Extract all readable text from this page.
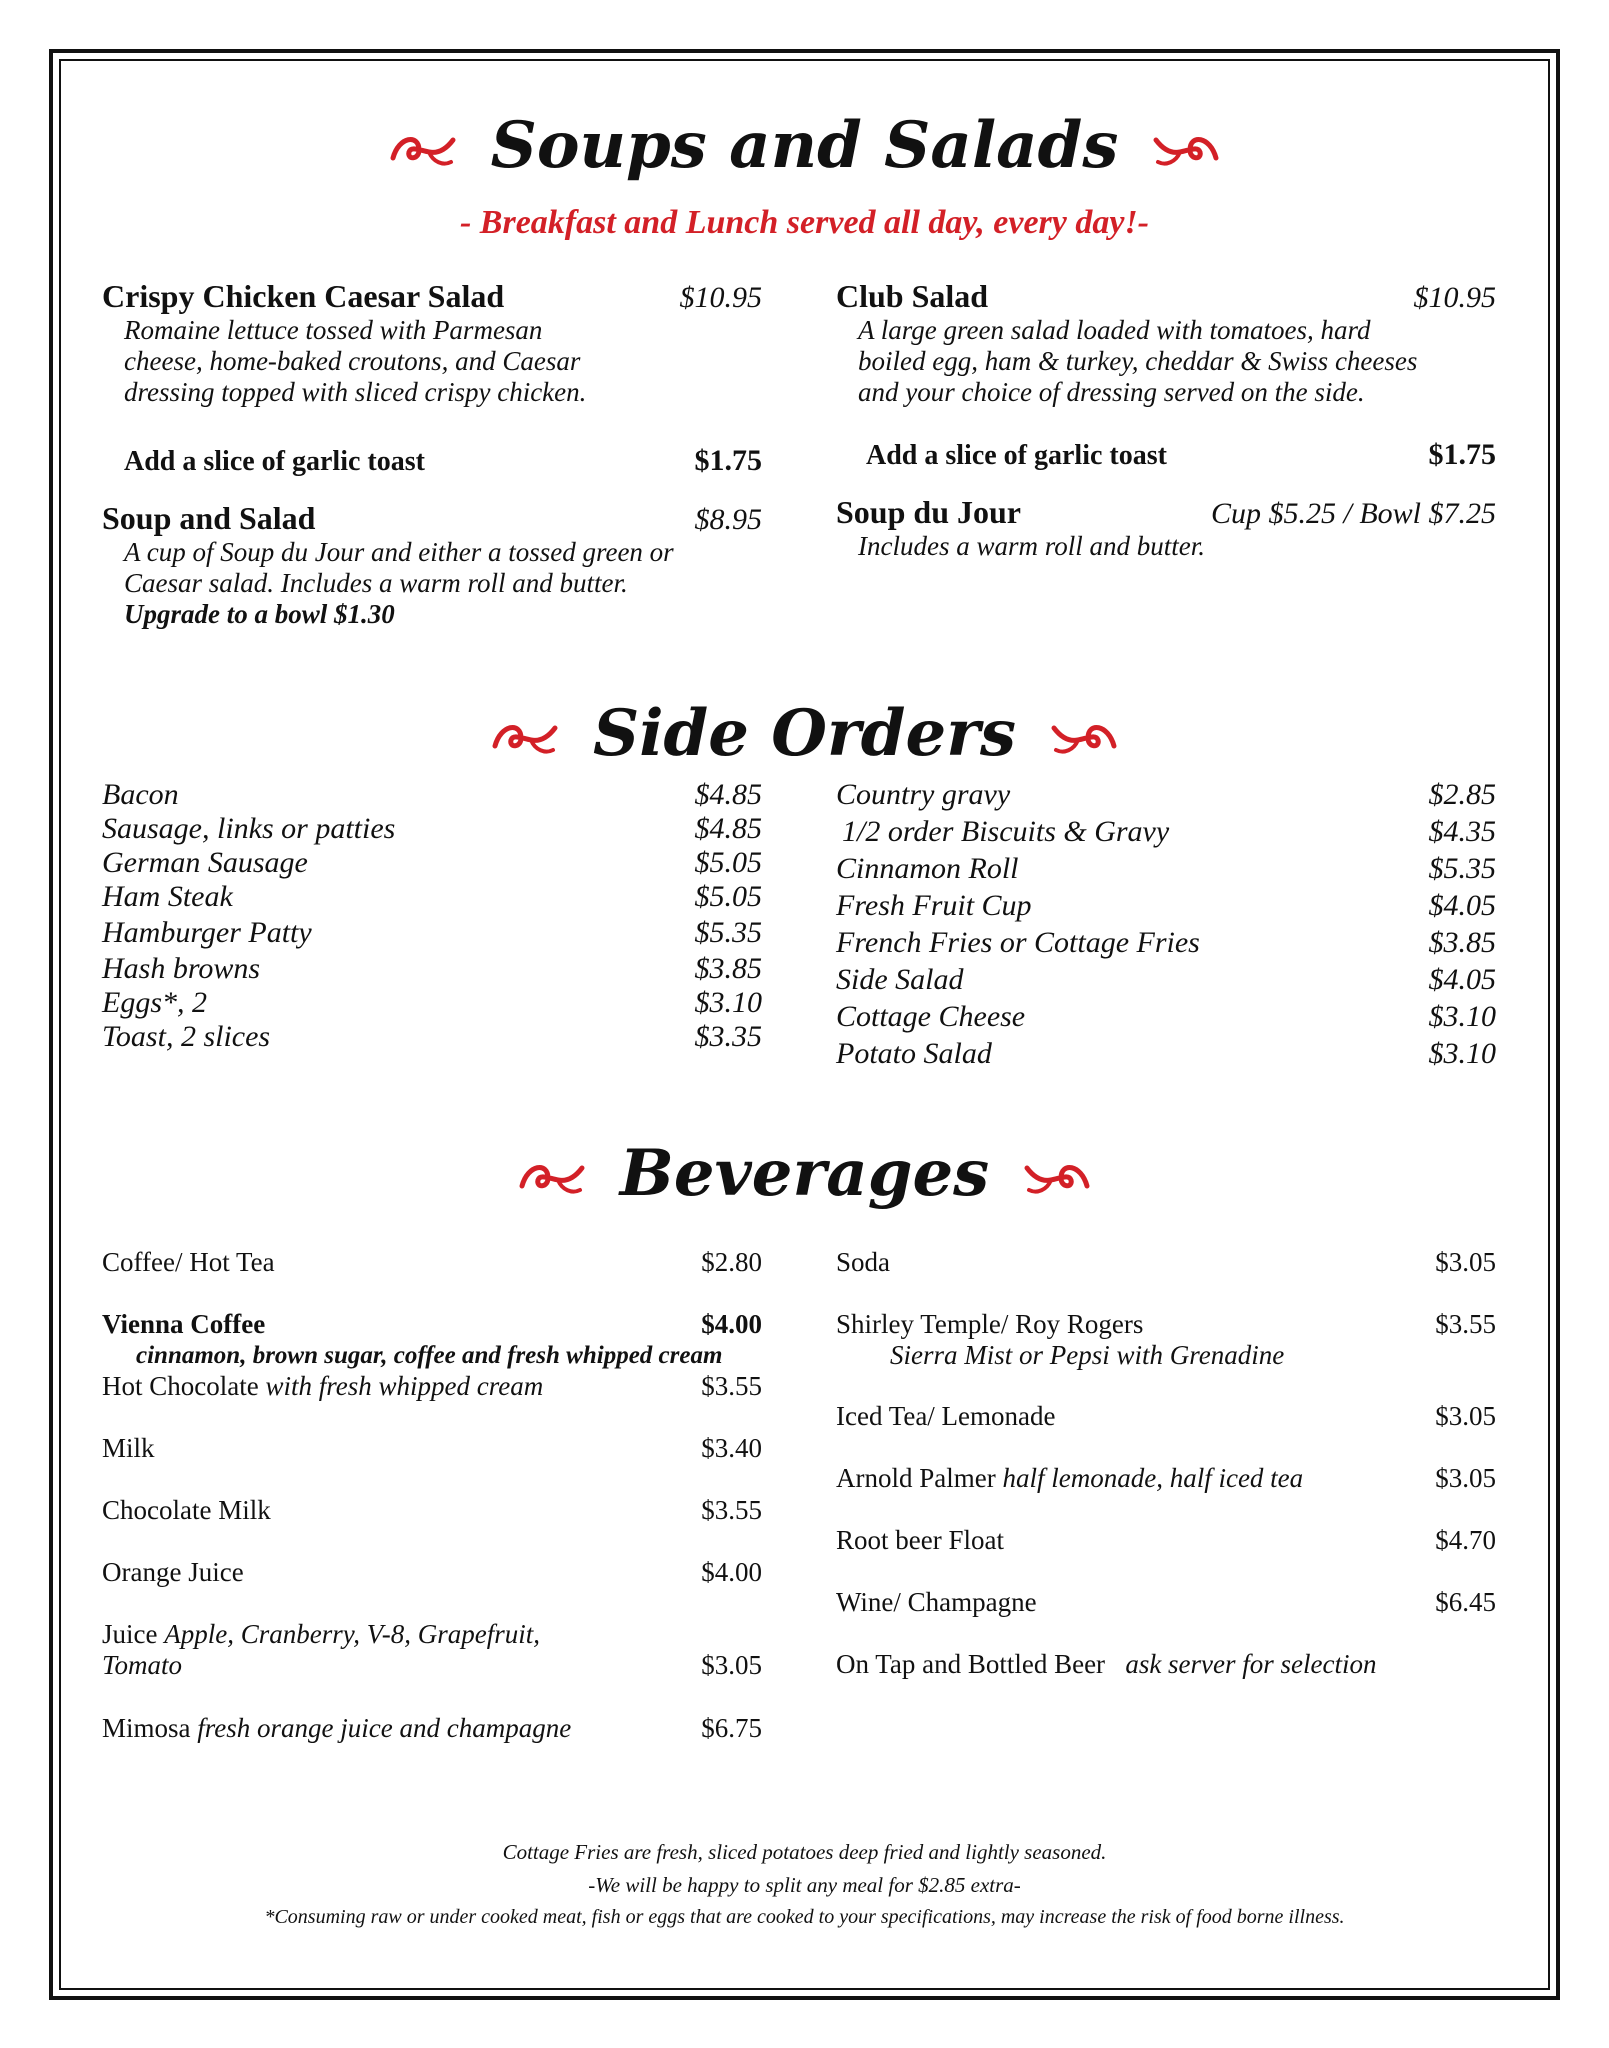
Soups and Salads
- Breakfast and Lunch served all day, every day!-
Crispy Chicken Caesar Salad	$10.95
Romaine lettuce tossed with Parmesan
cheese, home-baked croutons, and Caesar
dressing topped with sliced crispy chicken.
Add a slice of garlic toast	$1.75
Soup and Salad	$8.95
A cup of Soup du Jour and either a tossed green or
Caesar salad. Includes a warm roll and butter.
Upgrade to a bowl $1.30
Club Salad	$10.95
A large green salad loaded with tomatoes, hard
boiled egg, ham & turkey, cheddar & Swiss cheeses
and your choice of dressing served on the side.
Add a slice of garlic toast	$1.75
Soup du Jour	Cup $5.25 / Bowl $7.25
Includes a warm roll and butter.
Side Orders
Bacon	$4.85
Sausage, links or patties	$4.85
German Sausage	$5.05
Ham Steak	$5.05
Hamburger Patty	$5.35
Hash browns	$3.85
Eggs*, 2	$3.10
Toast, 2 slices	$3.35
Country gravy	$2.85
1/2 order Biscuits & Gravy	$4.35
Cinnamon Roll	$5.35
Fresh Fruit Cup	$4.05
French Fries or Cottage Fries	$3.85
Side Salad	$4.05
Cottage Cheese	$3.10
Potato Salad	$3.10
Beverages
Coffee/ Hot Tea	$2.80
Vienna Coffee	$4.00
cinnamon, brown sugar, coffee and fresh whipped cream
Hot Chocolate with fresh whipped cream	$3.55
Milk	$3.40
Chocolate Milk	$3.55
Orange Juice	$4.00
Juice Apple, Cranberry, V-8, Grapefruit,
Tomato	$3.05
Mimosa fresh orange juice and champagne	$6.75
Soda	$3.05
Shirley Temple/ Roy Rogers	$3.55
Sierra Mist or Pepsi with Grenadine
Iced Tea/ Lemonade	$3.05
Arnold Palmer half lemonade, half iced tea	$3.05
Root beer Float	$4.70
Wine/ Champagne	$6.45
On Tap and Bottled Beer ask server for selection
Cottage Fries are fresh, sliced potatoes deep fried and lightly seasoned.
-We will be happy to split any meal for $2.85 extra-
*Consuming raw or under cooked meat, fish or eggs that are cooked to your specifications, may increase the risk of food borne illness.
